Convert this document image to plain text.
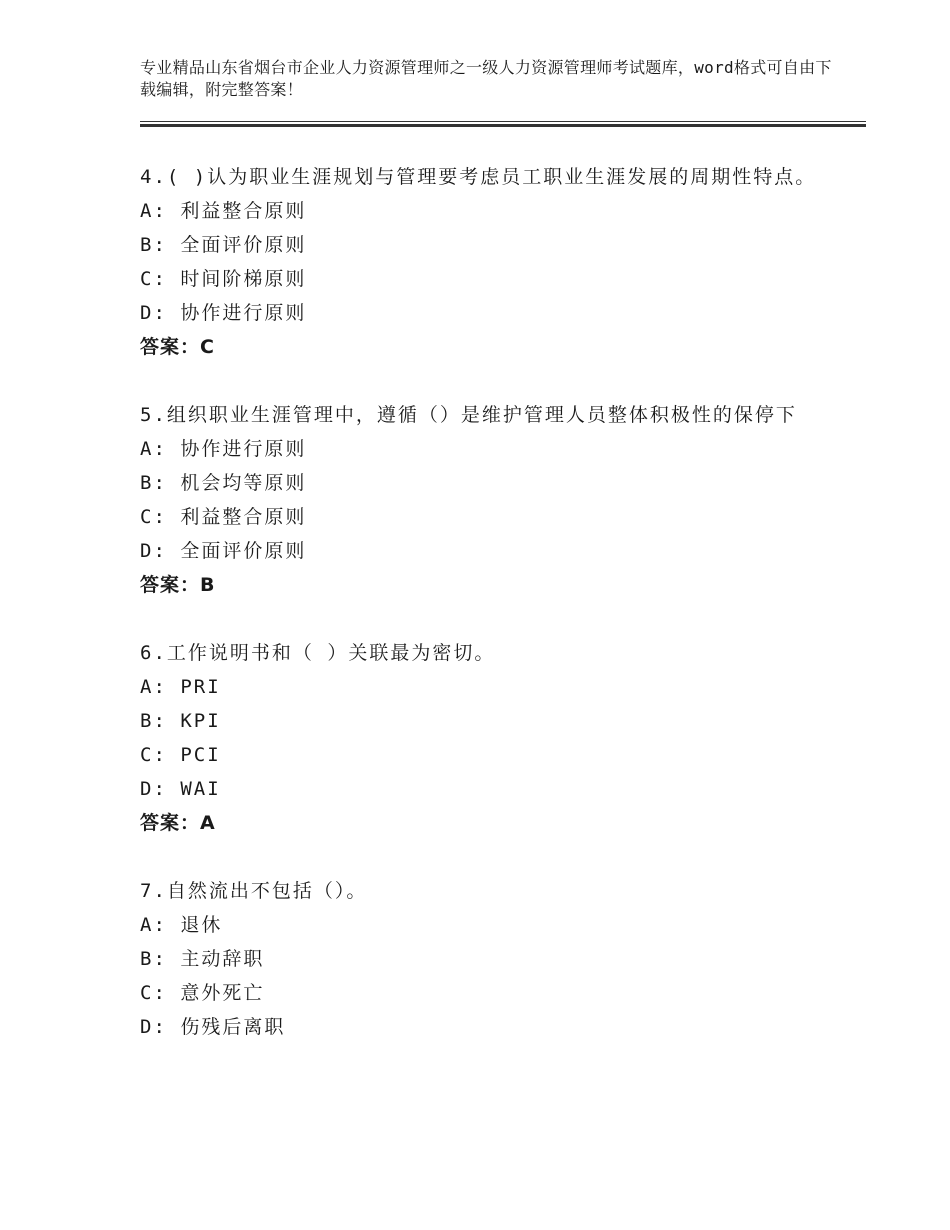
专业精品山东省烟台市企业人力资源管理师之一级人力资源管理师考试题库，word格式可自由下载编辑，附完整答案！
4.( )认为职业生涯规划与管理要考虑员工职业生涯发展的周期性特点。
A: 利益整合原则
B: 全面评价原则
C: 时间阶梯原则
D: 协作进行原则
答案：C
5.组织职业生涯管理中，遵循（）是维护管理人员整体积极性的保停下
A: 协作进行原则
B: 机会均等原则
C: 利益整合原则
D: 全面评价原则
答案：B
6.工作说明书和（ ）关联最为密切。
A: PRI
B: KPI
C: PCI
D: WAI
答案：A
7.自然流出不包括（）。
A: 退休
B: 主动辞职
C: 意外死亡
D: 伤残后离职
